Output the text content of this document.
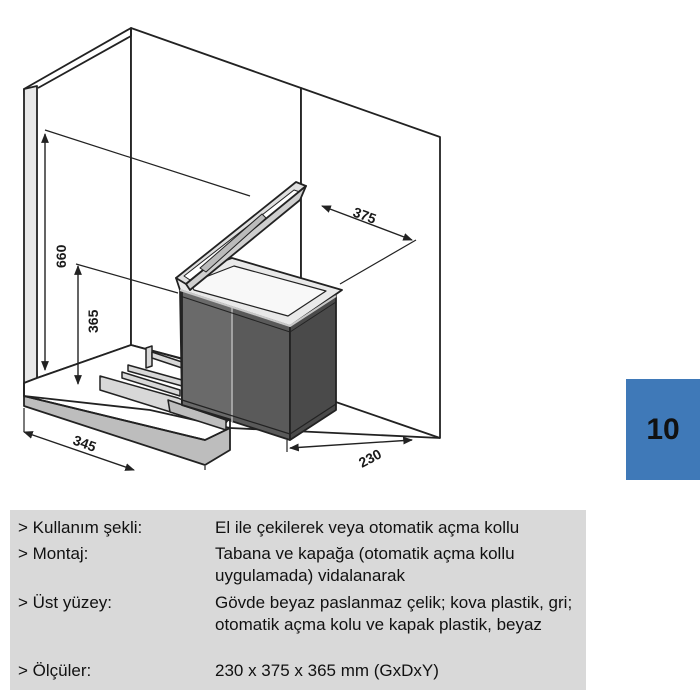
660
365
375
345
230
10
> Kullanım şekli:	El ile çekilerek veya otomatik açma kollu
> Montaj:	Tabana ve kapağa (otomatik açma kollu uygulamada) vidalanarak
> Üst yüzey:	Gövde beyaz paslanmaz çelik; kova plastik, gri; otomatik açma kolu ve kapak plastik, beyaz
> Ölçüler:	230 x 375 x 365 mm (GxDxY)
